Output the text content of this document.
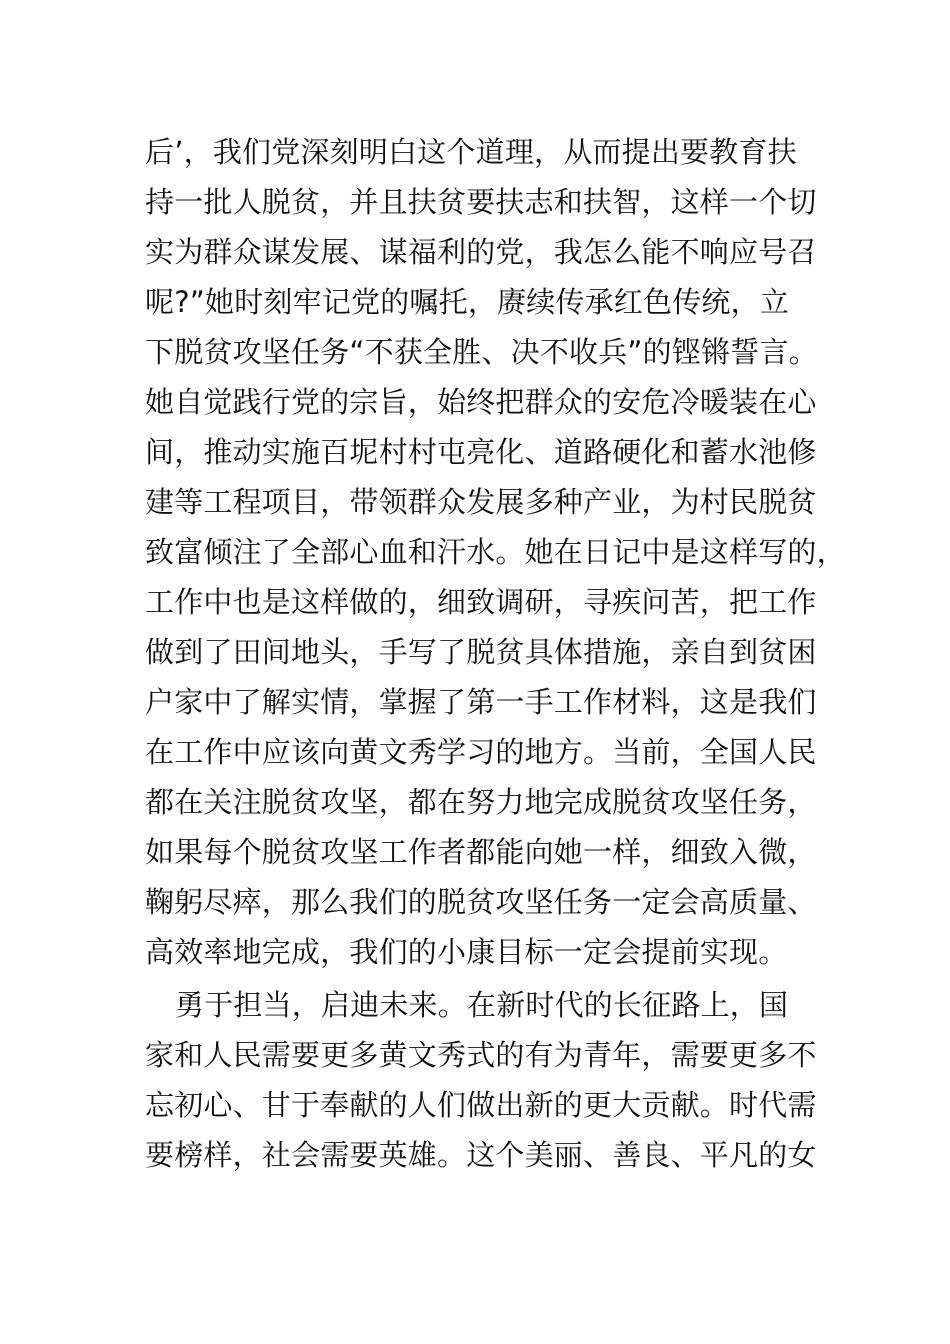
后’，我们党深刻明白这个道理，从而提出要教育扶
持一批人脱贫，并且扶贫要扶志和扶智，这样一个切
实为群众谋发展、谋福利的党，我怎么能不响应号召
呢?”她时刻牢记党的嘱托，赓续传承红色传统，立
下脱贫攻坚任务“不获全胜、决不收兵”的铿锵誓言。
她自觉践行党的宗旨，始终把群众的安危冷暖装在心
间，推动实施百坭村村屯亮化、道路硬化和蓄水池修
建等工程项目，带领群众发展多种产业，为村民脱贫
致富倾注了全部心血和汗水。她在日记中是这样写的，
工作中也是这样做的，细致调研，寻疾问苦，把工作
做到了田间地头，手写了脱贫具体措施，亲自到贫困
户家中了解实情，掌握了第一手工作材料，这是我们
在工作中应该向黄文秀学习的地方。当前，全国人民
都在关注脱贫攻坚，都在努力地完成脱贫攻坚任务，
如果每个脱贫攻坚工作者都能向她一样，细致入微，
鞠躬尽瘁，那么我们的脱贫攻坚任务一定会高质量、
高效率地完成，我们的小康目标一定会提前实现。
勇于担当，启迪未来。在新时代的长征路上，国
家和人民需要更多黄文秀式的有为青年，需要更多不
忘初心、甘于奉献的人们做出新的更大贡献。时代需
要榜样，社会需要英雄。这个美丽、善良、平凡的女
